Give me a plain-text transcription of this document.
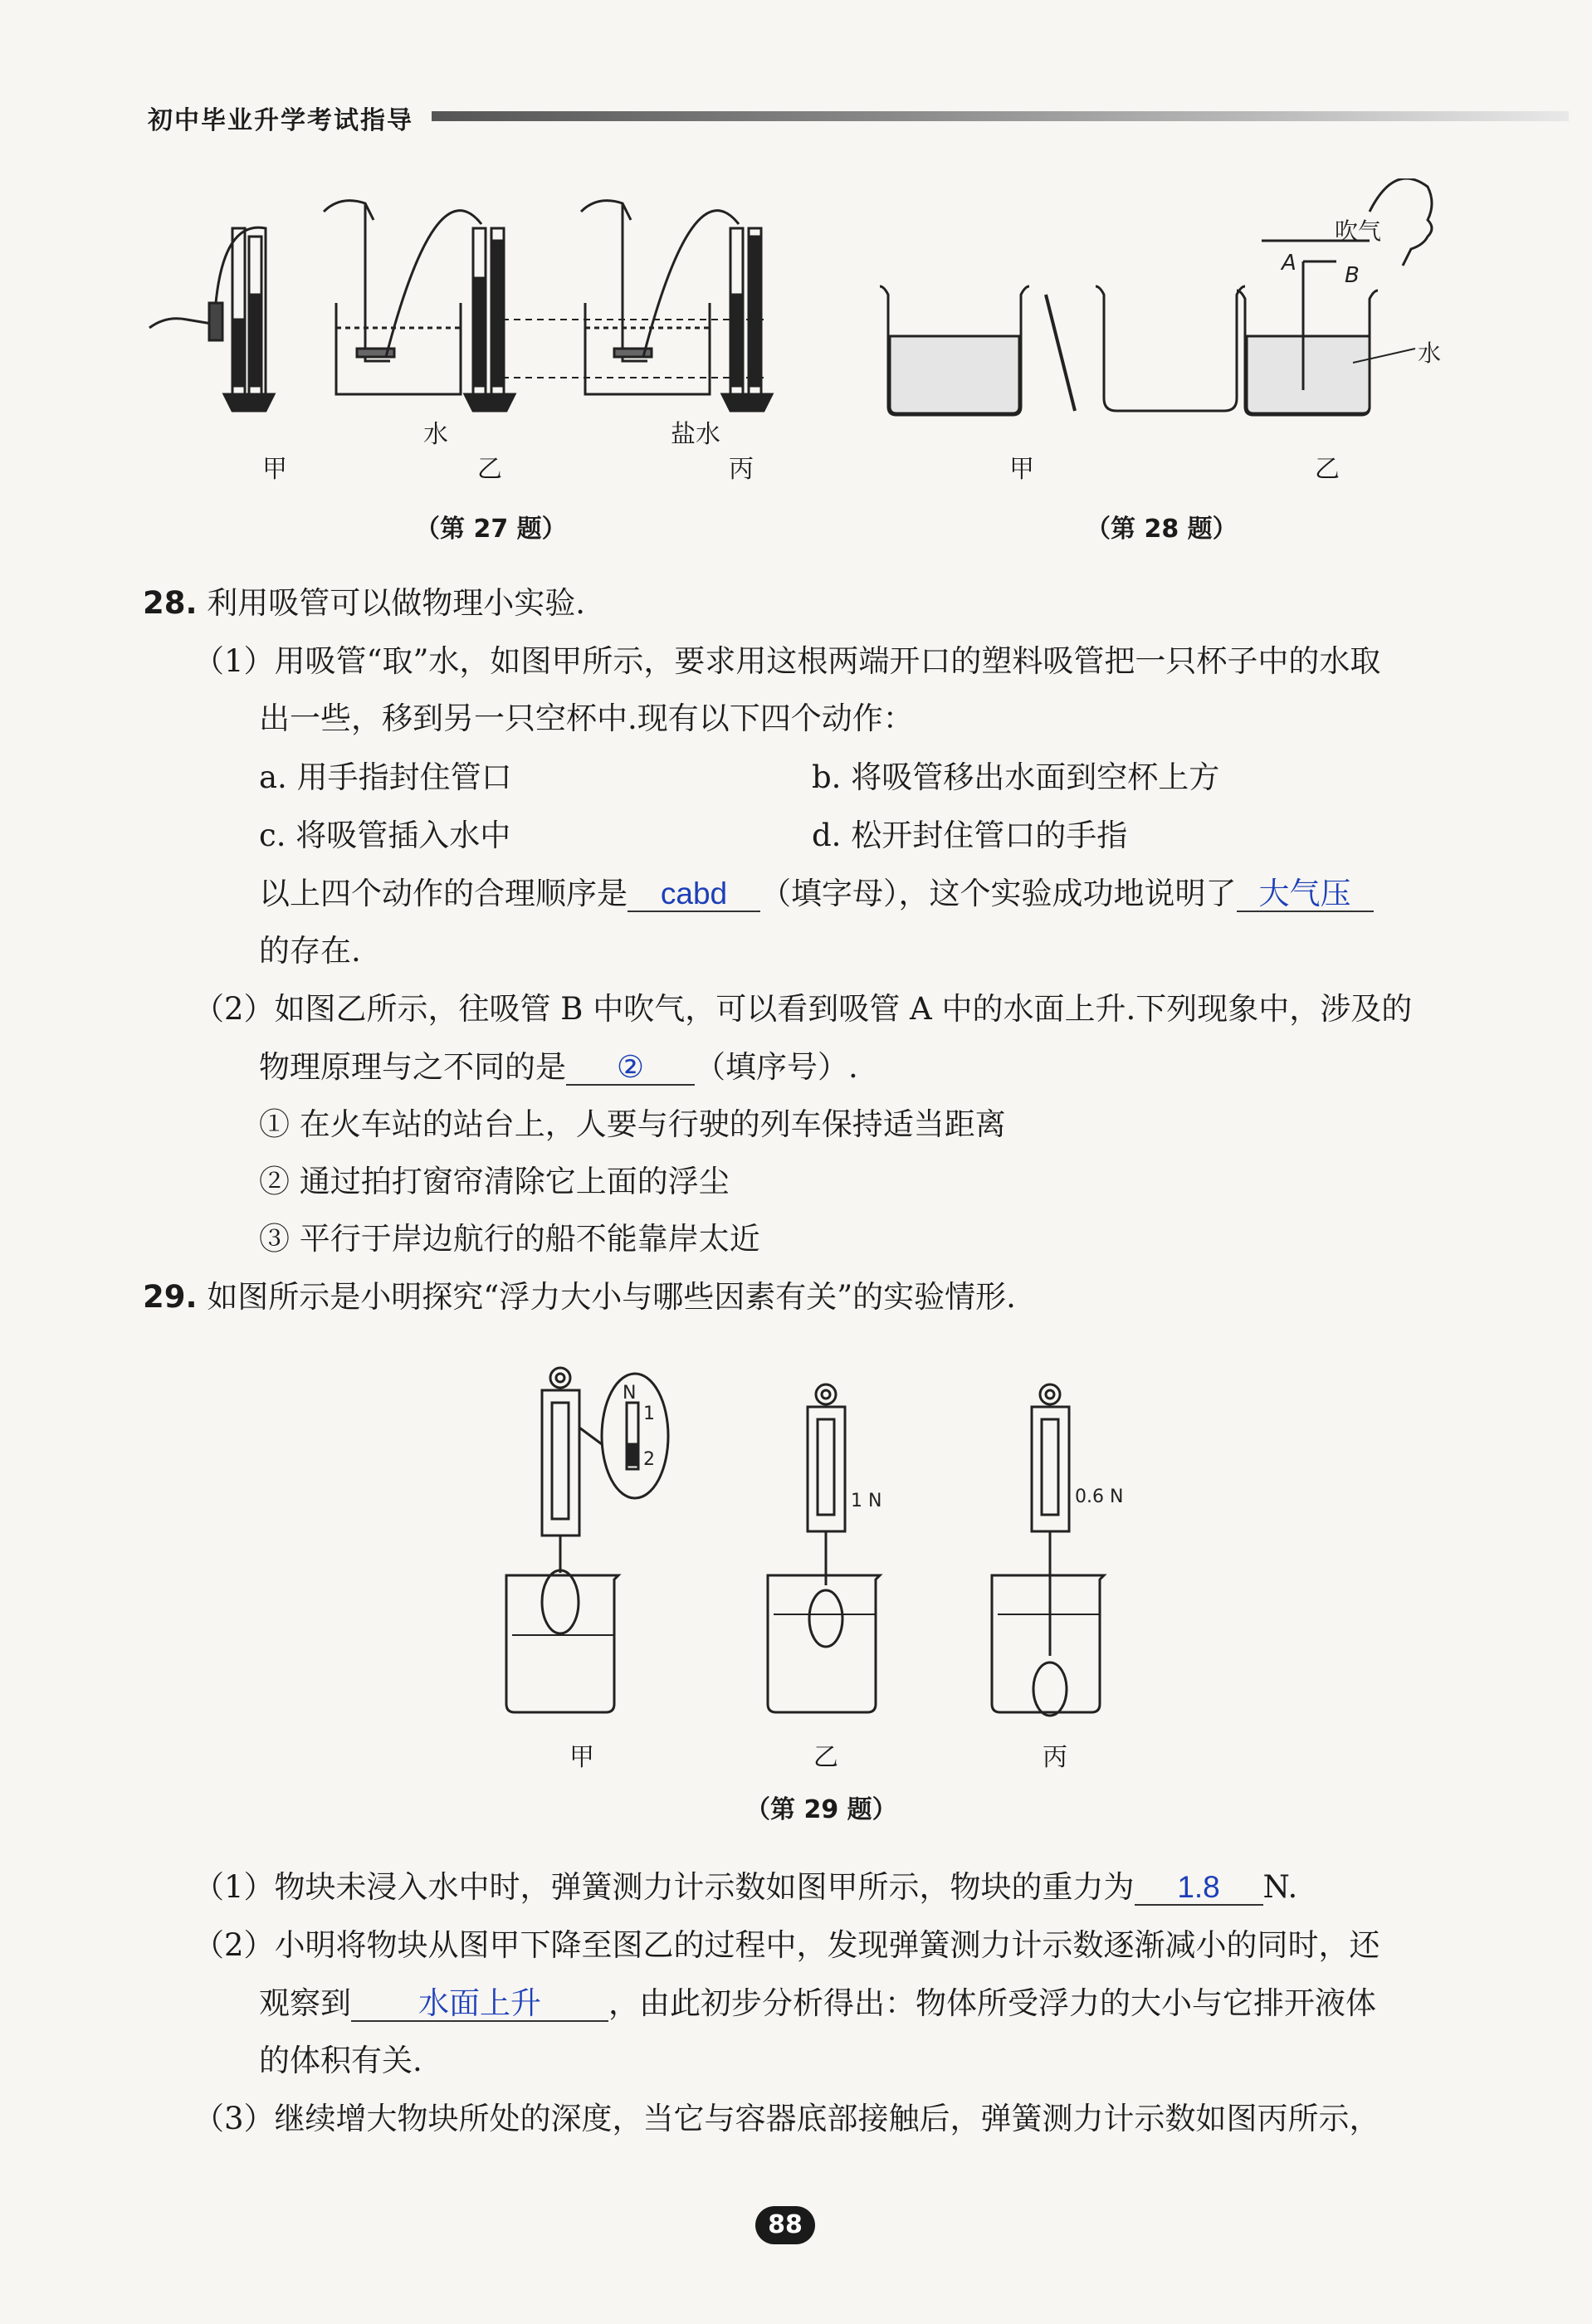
初中毕业升学考试指导
水	盐水
甲	乙	丙
（第 27 题）
吹气
A B
水
甲	乙
（第 28 题）
28. 利用吸管可以做物理小实验.
（1）用吸管“取”水，如图甲所示，要求用这根两端开口的塑料吸管把一只杯子中的水取
出一些，移到另一只空杯中.现有以下四个动作：
a. 用手指封住管口	b. 将吸管移出水面到空杯上方
c. 将吸管插入水中	d. 松开封住管口的手指
以上四个动作的合理顺序是 cabd （填字母），这个实验成功地说明了 大气压
的存在.
（2）如图乙所示，往吸管 B 中吹气，可以看到吸管 A 中的水面上升.下列现象中，涉及的
物理原理与之不同的是 ② （填序号）.
① 在火车站的站台上，人要与行驶的列车保持适当距离
② 通过拍打窗帘清除它上面的浮尘
③ 平行于岸边航行的船不能靠岸太近
29. 如图所示是小明探究“浮力大小与哪些因素有关”的实验情形.
N
1
2
1 N	0.6 N
甲	乙	丙
（第 29 题）
（1）物块未浸入水中时，弹簧测力计示数如图甲所示，物块的重力为 1.8 N.
（2）小明将物块从图甲下降至图乙的过程中，发现弹簧测力计示数逐渐减小的同时，还
观察到 水面上升 ，由此初步分析得出：物体所受浮力的大小与它排开液体
的体积有关.
（3）继续增大物块所处的深度，当它与容器底部接触后，弹簧测力计示数如图丙所示，
88
